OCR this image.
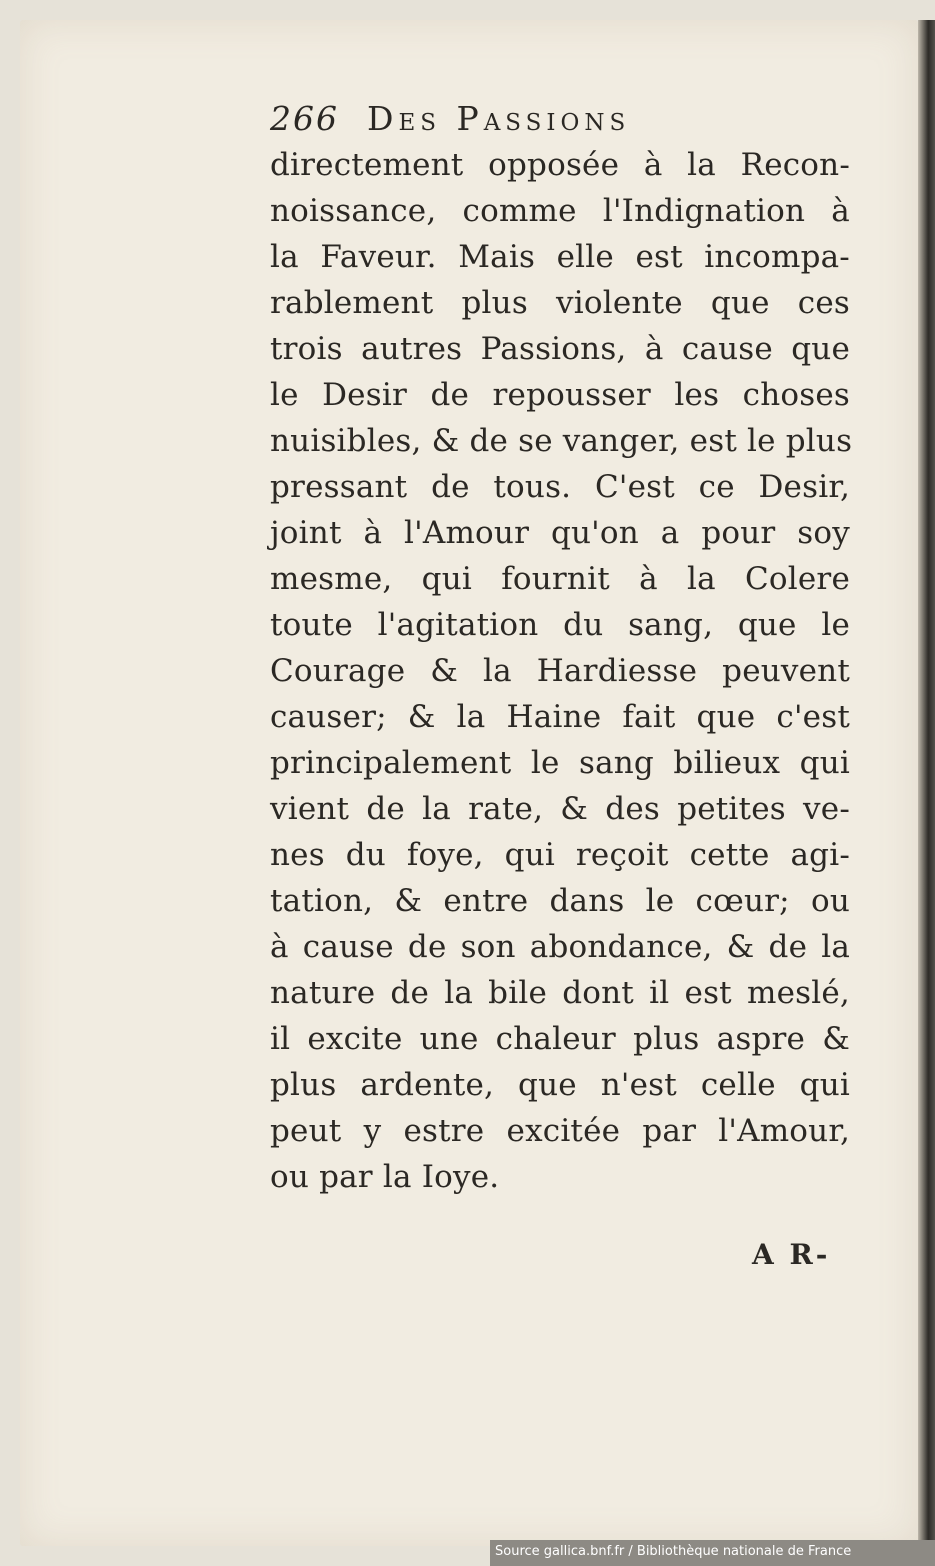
266 Des Passions
directement opposée à la Recon-
noissance, comme l'Indignation à
la Faveur. Mais elle est incompa-
rablement plus violente que ces
trois autres Passions, à cause que
le Desir de repousser les choses
nuisibles, & de se vanger, est le plus
pressant de tous. C'est ce Desir,
joint à l'Amour qu'on a pour soy
mesme, qui fournit à la Colere
toute l'agitation du sang, que le
Courage & la Hardiesse peuvent
causer; & la Haine fait que c'est
principalement le sang bilieux qui
vient de la rate, & des petites ve-
nes du foye, qui reçoit cette agi-
tation, & entre dans le cœur; ou
à cause de son abondance, & de la
nature de la bile dont il est meslé,
il excite une chaleur plus aspre &
plus ardente, que n'est celle qui
peut y estre excitée par l'Amour,
ou par la Ioye.
A R-
Source gallica.bnf.fr / Bibliothèque nationale de France
